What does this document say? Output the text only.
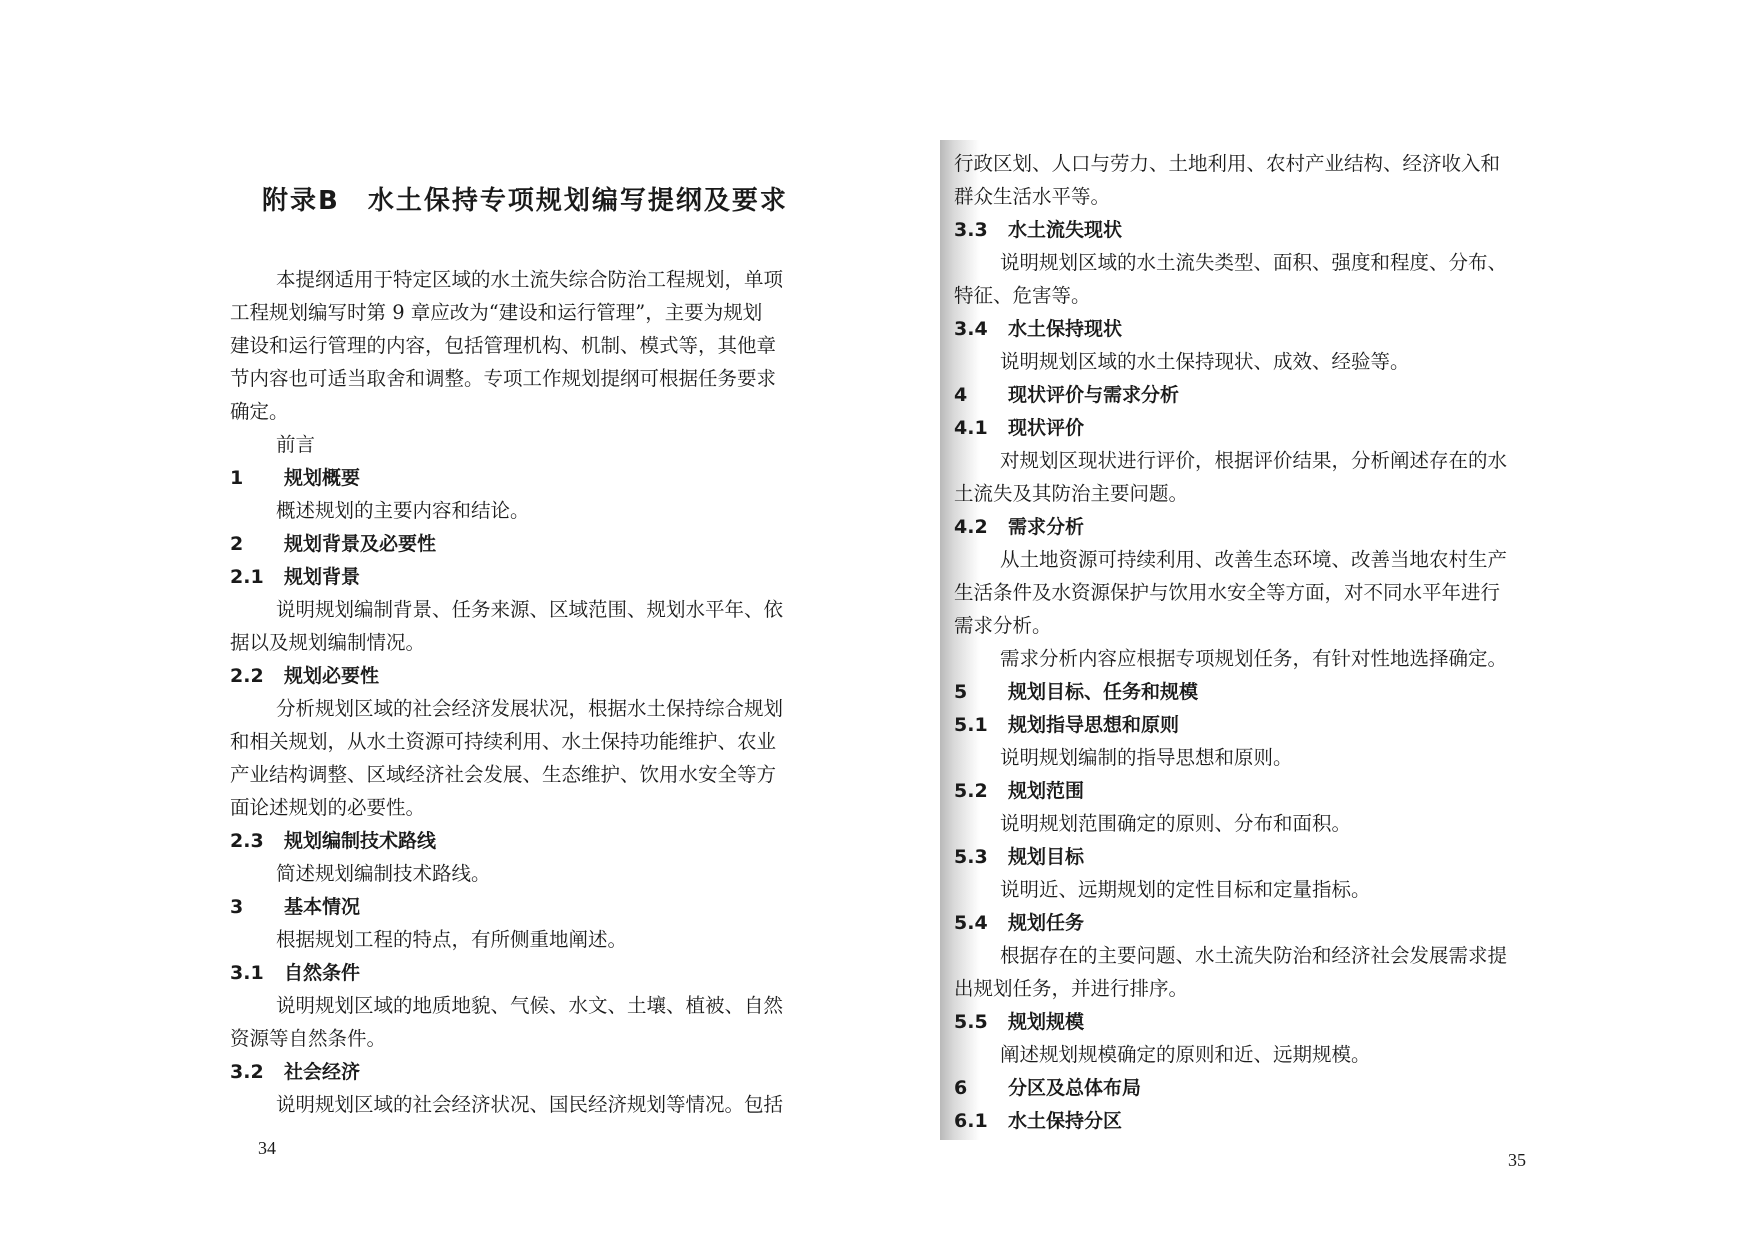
附录B　水土保持专项规划编写提纲及要求
本提纲适用于特定区域的水土流失综合防治工程规划，单项
工程规划编写时第 9 章应改为“建设和运行管理”，主要为规划
建设和运行管理的内容，包括管理机构、机制、模式等，其他章
节内容也可适当取舍和调整。专项工作规划提纲可根据任务要求
确定。
前言
1 规划概要
概述规划的主要内容和结论。
2 规划背景及必要性
2.1 规划背景
说明规划编制背景、任务来源、区域范围、规划水平年、依
据以及规划编制情况。
2.2 规划必要性
分析规划区域的社会经济发展状况，根据水土保持综合规划
和相关规划，从水土资源可持续利用、水土保持功能维护、农业
产业结构调整、区域经济社会发展、生态维护、饮用水安全等方
面论述规划的必要性。
2.3 规划编制技术路线
简述规划编制技术路线。
3 基本情况
根据规划工程的特点，有所侧重地阐述。
3.1 自然条件
说明规划区域的地质地貌、气候、水文、土壤、植被、自然
资源等自然条件。
3.2 社会经济
说明规划区域的社会经济状况、国民经济规划等情况。包括
34
行政区划、人口与劳力、土地利用、农村产业结构、经济收入和
群众生活水平等。
3.3 水土流失现状
说明规划区域的水土流失类型、面积、强度和程度、分布、
特征、危害等。
3.4 水土保持现状
说明规划区域的水土保持现状、成效、经验等。
4 现状评价与需求分析
4.1 现状评价
对规划区现状进行评价，根据评价结果，分析阐述存在的水
土流失及其防治主要问题。
4.2 需求分析
从土地资源可持续利用、改善生态环境、改善当地农村生产
生活条件及水资源保护与饮用水安全等方面，对不同水平年进行
需求分析。
需求分析内容应根据专项规划任务，有针对性地选择确定。
5 规划目标、任务和规模
5.1 规划指导思想和原则
说明规划编制的指导思想和原则。
5.2 规划范围
说明规划范围确定的原则、分布和面积。
5.3 规划目标
说明近、远期规划的定性目标和定量指标。
5.4 规划任务
根据存在的主要问题、水土流失防治和经济社会发展需求提
出规划任务，并进行排序。
5.5 规划规模
阐述规划规模确定的原则和近、远期规模。
6 分区及总体布局
6.1 水土保持分区
35
